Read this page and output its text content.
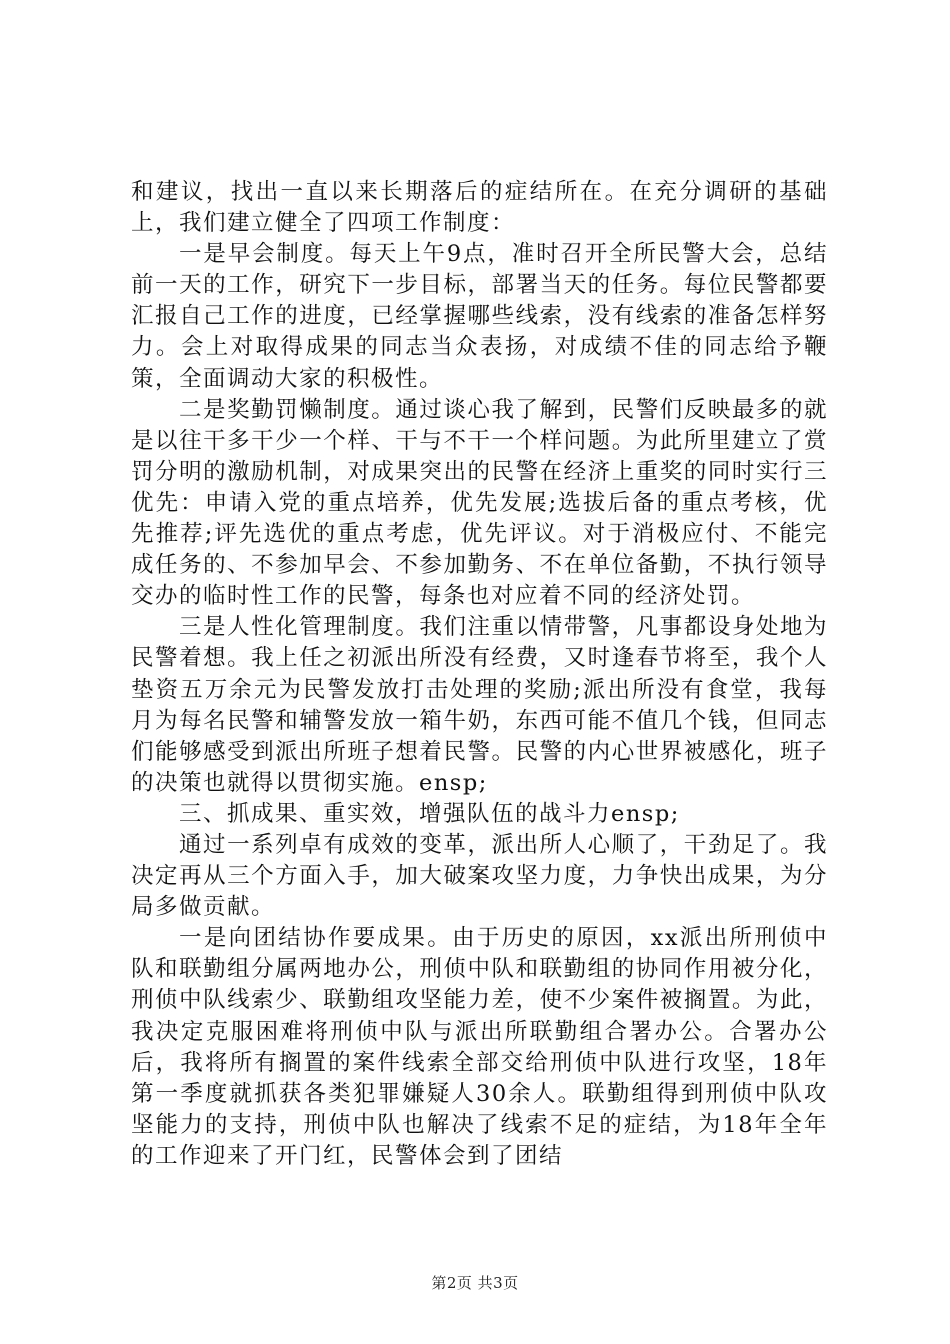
和建议，找出一直以来长期落后的症结所在。在充分调研的基础上，我们建立健全了四项工作制度：

一是早会制度。每天上午9点，准时召开全所民警大会，总结前一天的工作，研究下一步目标，部署当天的任务。每位民警都要汇报自己工作的进度，已经掌握哪些线索，没有线索的准备怎样努力。会上对取得成果的同志当众表扬，对成绩不佳的同志给予鞭策，全面调动大家的积极性。

二是奖勤罚懒制度。通过谈心我了解到，民警们反映最多的就是以往干多干少一个样、干与不干一个样问题。为此所里建立了赏罚分明的激励机制，对成果突出的民警在经济上重奖的同时实行三优先：申请入党的重点培养，优先发展;选拔后备的重点考核，优先推荐;评先选优的重点考虑，优先评议。对于消极应付、不能完成任务的、不参加早会、不参加勤务、不在单位备勤，不执行领导交办的临时性工作的民警，每条也对应着不同的经济处罚。

三是人性化管理制度。我们注重以情带警，凡事都设身处地为民警着想。我上任之初派出所没有经费，又时逢春节将至，我个人垫资五万余元为民警发放打击处理的奖励;派出所没有食堂，我每月为每名民警和辅警发放一箱牛奶，东西可能不值几个钱，但同志们能够感受到派出所班子想着民警。民警的内心世界被感化，班子的决策也就得以贯彻实施。ensp;

三、抓成果、重实效，增强队伍的战斗力ensp;

通过一系列卓有成效的变革，派出所人心顺了，干劲足了。我决定再从三个方面入手，加大破案攻坚力度，力争快出成果，为分局多做贡献。

一是向团结协作要成果。由于历史的原因，xx派出所刑侦中队和联勤组分属两地办公，刑侦中队和联勤组的协同作用被分化，刑侦中队线索少、联勤组攻坚能力差，使不少案件被搁置。为此，我决定克服困难将刑侦中队与派出所联勤组合署办公。合署办公后，我将所有搁置的案件线索全部交给刑侦中队进行攻坚，18年第一季度就抓获各类犯罪嫌疑人30余人。联勤组得到刑侦中队攻坚能力的支持，刑侦中队也解决了线索不足的症结，为18年全年的工作迎来了开门红，民警体会到了团结

第2页 共3页
